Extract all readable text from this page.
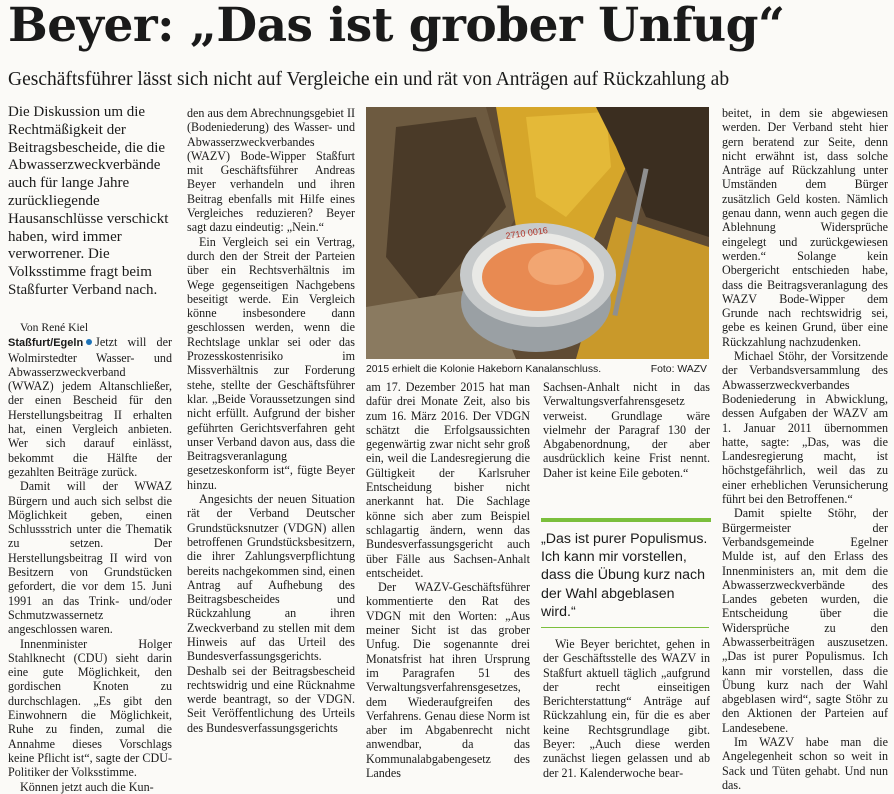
Beyer: „Das ist grober Unfug“
Geschäftsführer lässt sich nicht auf Vergleiche ein und rät von Anträgen auf Rückzahlung ab
Die Diskussion um die Rechtmäßigkeit der Beitragsbescheide, die die Abwasserzweckverbände auch für lange Jahre zurückliegende Hausanschlüsse verschickt haben, wird immer verworrener. Die Volksstimme fragt beim Staßfurter Verband nach.

Von René Kiel

Staßfurt/Egeln Jetzt will der Wolmirstedter Wasser- und Abwasserzweckverband (WWAZ) jedem Altanschließer, der einen Bescheid für den Herstellungsbeitrag II erhalten hat, einen Vergleich anbieten. Wer sich darauf einlässt, bekommt die Hälfte der gezahlten Beiträge zurück.

Damit will der WWAZ Bürgern und auch sich selbst die Möglichkeit geben, einen Schlussstrich unter die Thematik zu setzen. Der Herstellungsbeitrag II wird von Besitzern von Grundstücken gefordert, die vor dem 15. Juni 1991 an das Trink- und/oder Schmutzwassernetz angeschlossen waren.

Innenminister Holger Stahlknecht (CDU) sieht darin eine gute Möglichkeit, den gordischen Knoten zu durchschlagen. „Es gibt den Einwohnern die Möglichkeit, Ruhe zu finden, zumal die Annahme dieses Vorschlags keine Pflicht ist“, sagte der CDU-Politiker der Volksstimme.

Können jetzt auch die Kun-

den aus dem Abrechnungsgebiet II (Bodeniederung) des Wasser- und Abwasserzweckverbandes (WAZV) Bode-Wipper Staßfurt mit Geschäftsführer Andreas Beyer verhandeln und ihren Beitrag ebenfalls mit Hilfe eines Vergleiches reduzieren? Beyer sagt dazu eindeutig: „Nein.“

Ein Vergleich sei ein Vertrag, durch den der Streit der Parteien über ein Rechtsverhältnis im Wege gegenseitigen Nachgebens beseitigt werde. Ein Vergleich könne insbesondere dann geschlossen werden, wenn die Rechtslage unklar sei oder das Prozesskostenrisiko im Missverhältnis zur Forderung stehe, stellte der Geschäftsführer klar. „Beide Voraussetzungen sind nicht erfüllt. Aufgrund der bisher geführten Gerichtsverfahren geht unser Verband davon aus, dass die Beitragsveranlagung gesetzeskonform ist“, fügte Beyer hinzu.

Angesichts der neuen Situation rät der Verband Deutscher Grundstücksnutzer (VDGN) allen betroffenen Grundstücksbesitzern, die ihrer Zahlungsverpflichtung bereits nachgekommen sind, einen Antrag auf Aufhebung des Beitragsbescheides und Rückzahlung an ihren Zweckverband zu stellen mit dem Hinweis auf das Urteil des Bundesverfassungsgerichts. Deshalb sei der Beitragsbescheid rechtswidrig und eine Rücknahme werde beantragt, so der VDGN. Seit Veröffentlichung des Urteils des Bundesverfassungsgerichts

2710 0016
2015 erhielt die Kolonie Hakeborn Kanalanschluss.	Foto: WAZV

am 17. Dezember 2015 hat man dafür drei Monate Zeit, also bis zum 16. März 2016. Der VDGN schätzt die Erfolgsaussichten gegenwärtig zwar nicht sehr groß ein, weil die Landesregierung die Gültigkeit der Karlsruher Entscheidung bisher nicht anerkannt hat. Die Sachlage könne sich aber zum Beispiel schlagartig ändern, wenn das Bundesverfassungsgericht auch über Fälle aus Sachsen-Anhalt entscheidet.

Der WAZV-Geschäftsführer kommentierte den Rat des VDGN mit den Worten: „Aus meiner Sicht ist das grober Unfug. Die sogenannte drei Monatsfrist hat ihren Ursprung im Paragrafen 51 des Verwaltungsverfahrensgesetzes, dem Wiederaufgreifen des Verfahrens. Genau diese Norm ist aber im Abgabenrecht nicht anwendbar, da das Kommunalabgabengesetz des Landes

Sachsen-Anhalt nicht in das Verwaltungsverfahrensgesetz verweist. Grundlage wäre vielmehr der Paragraf 130 der Abgabenordnung, der aber ausdrücklich keine Frist nennt. Daher ist keine Eile geboten.“

„Das ist purer Populismus. Ich kann mir vorstellen, dass die Übung kurz nach der Wahl abgeblasen wird.“

Wie Beyer berichtet, gehen in der Geschäftsstelle des WAZV in Staßfurt aktuell täglich „aufgrund der recht einseitigen Berichterstattung“ Anträge auf Rückzahlung ein, für die es aber keine Rechtsgrundlage gibt. Beyer: „Auch diese werden zunächst liegen gelassen und ab der 21. Kalenderwoche bear-

beitet, in dem sie abgewiesen werden. Der Verband steht hier gern beratend zur Seite, denn nicht erwähnt ist, dass solche Anträge auf Rückzahlung unter Umständen dem Bürger zusätzlich Geld kosten. Nämlich genau dann, wenn auch gegen die Ablehnung Widersprüche eingelegt und zurückgewiesen werden.“ Solange kein Obergericht entschieden habe, dass die Beitragsveranlagung des WAZV Bode-Wipper dem Grunde nach rechtswidrig sei, gebe es keinen Grund, über eine Rückzahlung nachzudenken.

Michael Stöhr, der Vorsitzende der Verbandsversammlung des Abwasserzweckverbandes Bodeniederung in Abwicklung, dessen Aufgaben der WAZV am 1. Januar 2011 übernommen hatte, sagte: „Das, was die Landesregierung macht, ist höchstgefährlich, weil das zu einer erheblichen Verunsicherung führt bei den Betroffenen.“

Damit spielte Stöhr, der Bürgermeister der Verbandsgemeinde Egelner Mulde ist, auf den Erlass des Innenministers an, mit dem die Abwasserzweckverbände des Landes gebeten wurden, die Entscheidung über die Widersprüche zu den Abwasserbeiträgen auszusetzen. „Das ist purer Populismus. Ich kann mir vorstellen, dass die Übung kurz nach der Wahl abgeblasen wird“, sagte Stöhr zu den Aktionen der Parteien auf Landesebene.

Im WAZV habe man die Angelegenheit schon so weit in Sack und Tüten gehabt. Und nun das.
